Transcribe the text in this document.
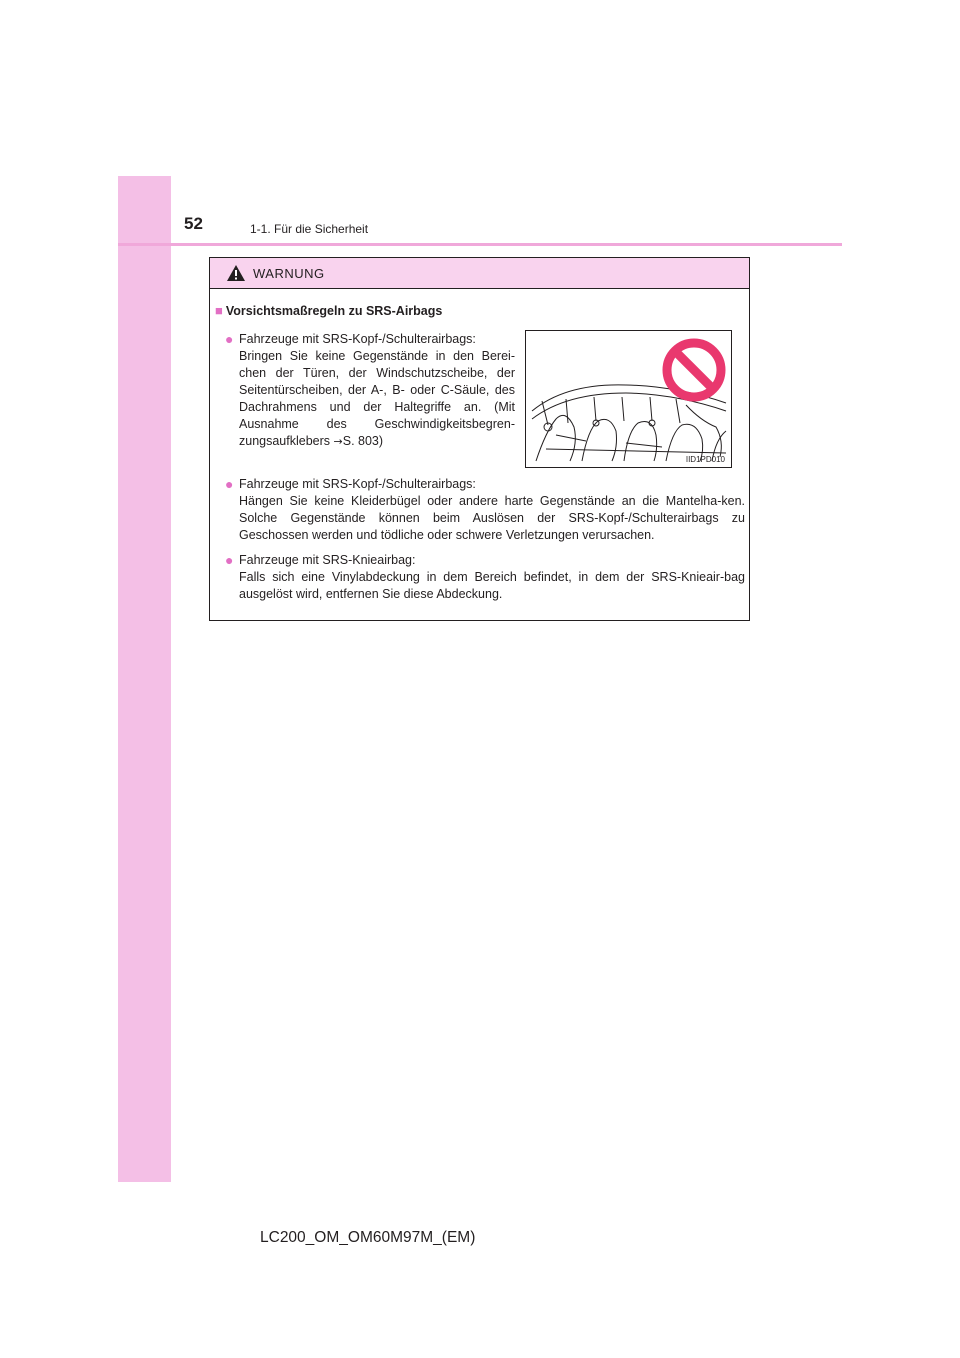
52	1-1. Für die Sicherheit
WARNUNG
■ Vorsichtsmaßregeln zu SRS-Airbags
● Fahrzeuge mit SRS-Kopf-/Schulterairbags:
Bringen Sie keine Gegenstände in den Berei-chen der Türen, der Windschutzscheibe, der Seitentürscheiben, der A-, B- oder C-Säule, des Dachrahmens und der Haltegriffe an. (Mit Ausnahme des Geschwindigkeitsbegren-zungsaufklebers →S. 803)
IID1PD010
● Fahrzeuge mit SRS-Kopf-/Schulterairbags:
Hängen Sie keine Kleiderbügel oder andere harte Gegenstände an die Mantelha-ken. Solche Gegenstände können beim Auslösen der SRS-Kopf-/Schulterairbags zu Geschossen werden und tödliche oder schwere Verletzungen verursachen.
● Fahrzeuge mit SRS-Knieairbag:
Falls sich eine Vinylabdeckung in dem Bereich befindet, in dem der SRS-Knieair-bag ausgelöst wird, entfernen Sie diese Abdeckung.
LC200_OM_OM60M97M_(EM)
